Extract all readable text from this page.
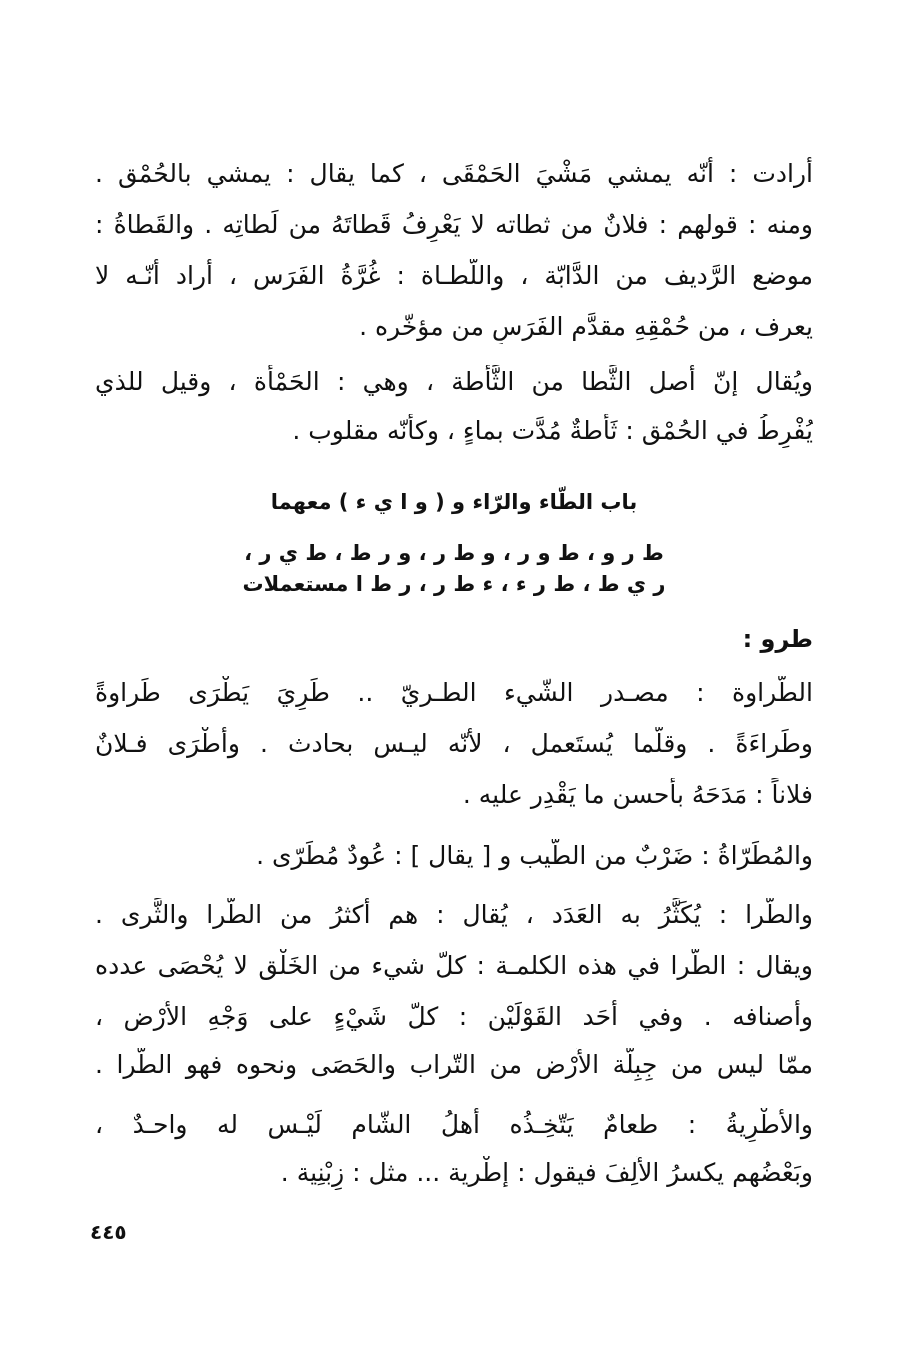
أرادت : أنّه يمشي مَشْيَ الحَمْقَى ، كما يقال : يمشي بالحُمْق .
ومنه : قولهم : فلانٌ من ثطاته لا يَعْرِفُ قَطاتَهُ من لَطاتِه . والقَطاةُ :
موضع الرَّديف من الدَّابّة ، واللَّطـاة : غُرَّةُ الفَرَس ، أراد أنّـه لا
يعرف ، من حُمْقِهِ مقدَّم الفَرَسِ من مؤخّره .
ويُقال إنّ أصل الثَّطا من الثَّأْطة ، وهي : الحَمْأة ، وقيل للذي
يُفْرِطُ في الحُمْق : ثَأْطةٌ مُدَّت بماءٍ ، وكأنّه مقلوب .
باب الطّاء والرّاء و ( و ا ي ء ) معهما
ط ر و ، ط و ر ، و ط ر ، و ر ط ، ط ي ر ،
ر ي ط ، ط ر ء ، ء ط ر ، ر ط ا مستعملات
طرو :
الطَّراوة : مصـدر الشّيء الطـريّ .. طَرِيَ يَطْرَى طَراوةً
وطَراءَةً . وقلّما يُستَعمل ، لأنّه ليـس بحادث . وأَطْرَى فـلانٌ
فلاناً : مَدَحَهُ بأحسن ما يَقْدِر عليه .
والمُطَرّاةُ : ضَرْبٌ من الطّيب و [ يقال ] : عُودٌ مُطَرّى .
والطَّرا : يُكَثَّرُ به العَدَد ، يُقال : هم أكثرُ من الطَّرا والثَّرى .
ويقال : الطَّرا في هذه الكلمـة : كلّ شيء من الخَلْق لا يُحْصَى عدده
وأصنافه . وفي أَحَد القَوْلَيْن : كلّ شَيْءٍ على وَجْهِ الأَرْض ،
ممّا ليس من جِبِلّة الأَرْض من التّراب والحَصَى ونحوه فهو الطَّرا .
والأُطْرِيةُ : طعامٌ يَتّخِـذُه أهلُ الشّام لَيْـس له واحـدٌ ،
وبَعْضُهم يكسرُ الأَلِفَ فيقول : إطْرية ... مثل : زِبْنِية .
٤٤٥
